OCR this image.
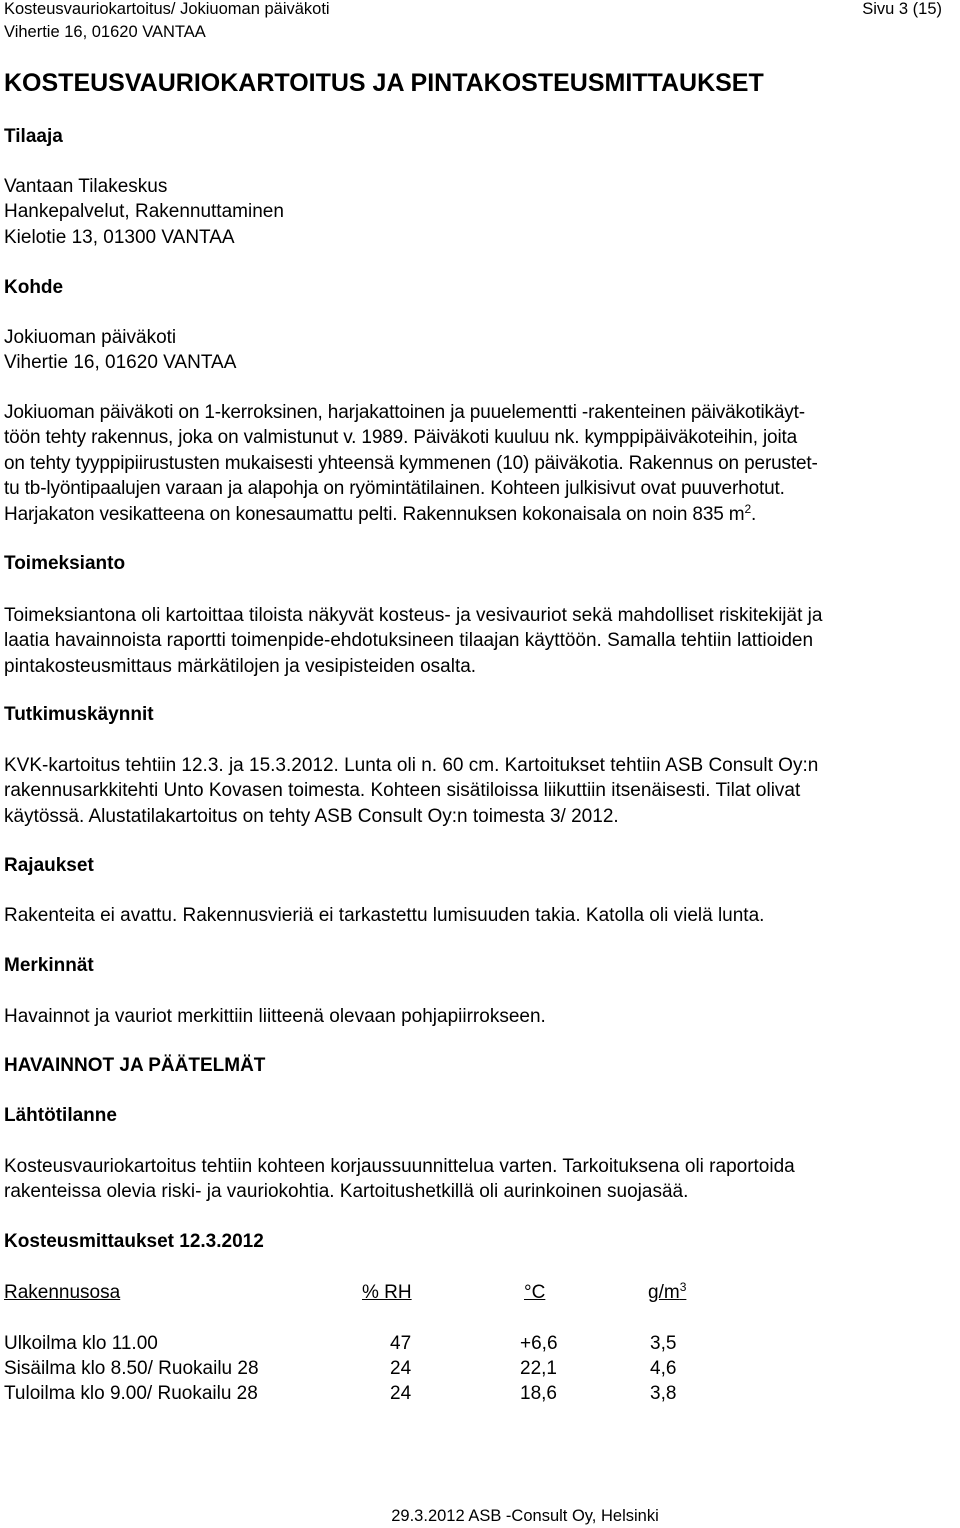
Kosteusvauriokartoitus/ Jokiuoman päiväkoti
Vihertie 16, 01620 VANTAA
Sivu 3 (15)
KOSTEUSVAURIOKARTOITUS JA PINTAKOSTEUSMITTAUKSET
Tilaaja
Vantaan Tilakeskus
Hankepalvelut, Rakennuttaminen
Kielotie 13, 01300 VANTAA
Kohde
Jokiuoman päiväkoti
Vihertie 16, 01620 VANTAA
Jokiuoman päiväkoti on 1-kerroksinen, harjakattoinen ja puuelementti -rakenteinen päiväkotikäyt-
töön tehty rakennus, joka on valmistunut v. 1989. Päiväkoti kuuluu nk. kymppipäiväkoteihin, joita
on tehty tyyppipiirustusten mukaisesti yhteensä kymmenen (10) päiväkotia. Rakennus on perustet-
tu tb-lyöntipaalujen varaan ja alapohja on ryömintätilainen. Kohteen julkisivut ovat puuverhotut.
Harjakaton vesikatteena on konesaumattu pelti. Rakennuksen kokonaisala on noin 835 $m^2$.
Toimeksianto
Toimeksiantona oli kartoittaa tiloista näkyvät kosteus- ja vesivauriot sekä mahdolliset riskitekijät ja
laatia havainnoista raportti toimenpide-ehdotuksineen tilaajan käyttöön. Samalla tehtiin lattioiden
pintakosteusmittaus märkätilojen ja vesipisteiden osalta.
Tutkimuskäynnit
KVK-kartoitus tehtiin 12.3. ja 15.3.2012. Lunta oli n. 60 cm. Kartoitukset tehtiin ASB Consult Oy:n
rakennusarkkitehti Unto Kovasen toimesta. Kohteen sisätiloissa liikuttiin itsenäisesti. Tilat olivat
käytössä. Alustatilakartoitus on tehty ASB Consult Oy:n toimesta 3/ 2012.
Rajaukset
Rakenteita ei avattu. Rakennusvieriä ei tarkastettu lumisuuden takia. Katolla oli vielä lunta.
Merkinnät
Havainnot ja vauriot merkittiin liitteenä olevaan pohjapiirrokseen.
HAVAINNOT JA PÄÄTELMÄT
Lähtötilanne
Kosteusvauriokartoitus tehtiin kohteen korjaussuunnittelua varten. Tarkoituksena oli raportoida
rakenteissa olevia riski- ja vauriokohtia. Kartoitushetkillä oli aurinkoinen suojasää.
Kosteusmittaukset 12.3.2012
Rakennusosa	% RH	°C	$g/m^3$
Ulkoilma klo 11.00	47	+6,6	3,5
Sisäilma klo 8.50/ Ruokailu 28	24	22,1	4,6
Tuloilma klo 9.00/ Ruokailu 28	24	18,6	3,8
29.3.2012 ASB -Consult Oy, Helsinki
